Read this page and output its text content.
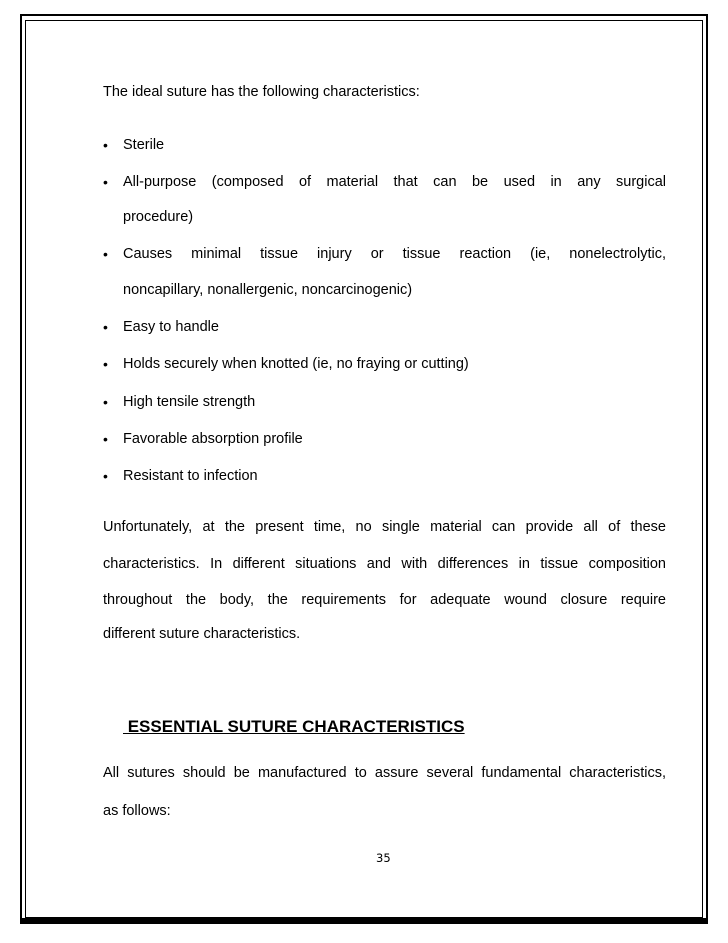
The ideal suture has the following characteristics:
• Sterile
• All-purpose (composed of material that can be used in any surgical
procedure)
• Causes minimal tissue injury or tissue reaction (ie, nonelectrolytic,
noncapillary, nonallergenic, noncarcinogenic)
• Easy to handle
• Holds securely when knotted (ie, no fraying or cutting)
• High tensile strength
• Favorable absorption profile
• Resistant to infection
Unfortunately, at the present time, no single material can provide all of these
characteristics. In different situations and with differences in tissue composition
throughout the body, the requirements for adequate wound closure require
different suture characteristics.
ESSENTIAL SUTURE CHARACTERISTICS
All sutures should be manufactured to assure several fundamental characteristics,
as follows:
35
